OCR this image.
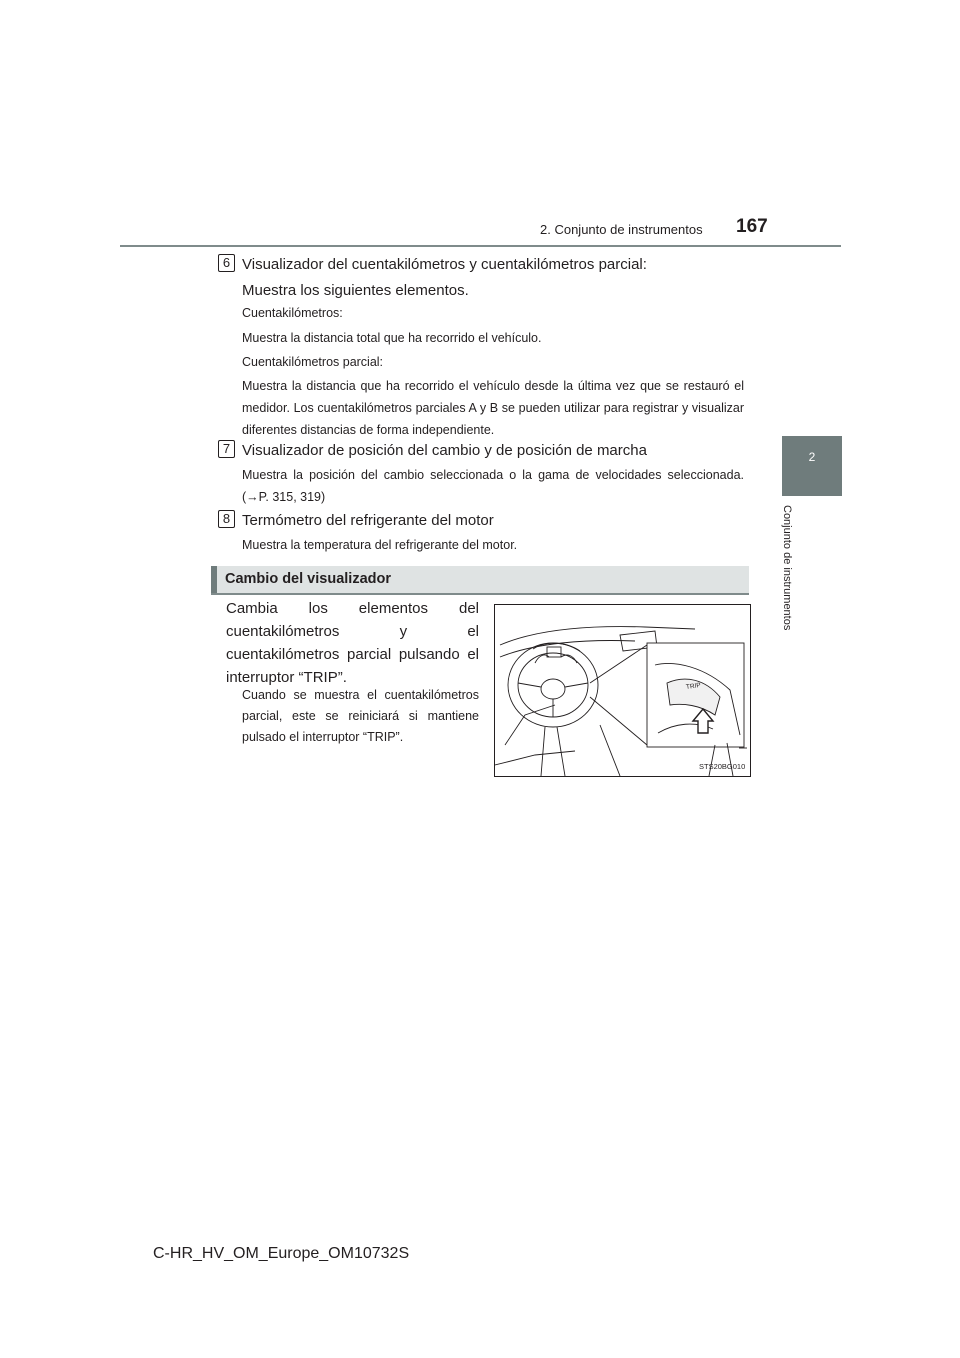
2. Conjunto de instrumentos 167
2
Conjunto de instrumentos
6 Visualizador del cuentakilómetros y cuentakilómetros parcial:
Muestra los siguientes elementos.
Cuentakilómetros:
Muestra la distancia total que ha recorrido el vehículo.
Cuentakilómetros parcial:
Muestra la distancia que ha recorrido el vehículo desde la última vez que se restauró el medidor. Los cuentakilómetros parciales A y B se pueden utilizar para registrar y visualizar diferentes distancias de forma independiente.
7 Visualizador de posición del cambio y de posición de marcha
Muestra la posición del cambio seleccionada o la gama de velocidades seleccionada. (→P. 315, 319)
8 Termómetro del refrigerante del motor
Muestra la temperatura del refrigerante del motor.
Cambio del visualizador
Cambia los elementos del cuentakilómetros y el cuentakilómetros parcial pulsando el interruptor “TRIP”.
Cuando se muestra el cuentakilómetros parcial, este se reiniciará si mantiene pulsado el interruptor “TRIP”.
TRIP
STS20BG010
C-HR_HV_OM_Europe_OM10732S
